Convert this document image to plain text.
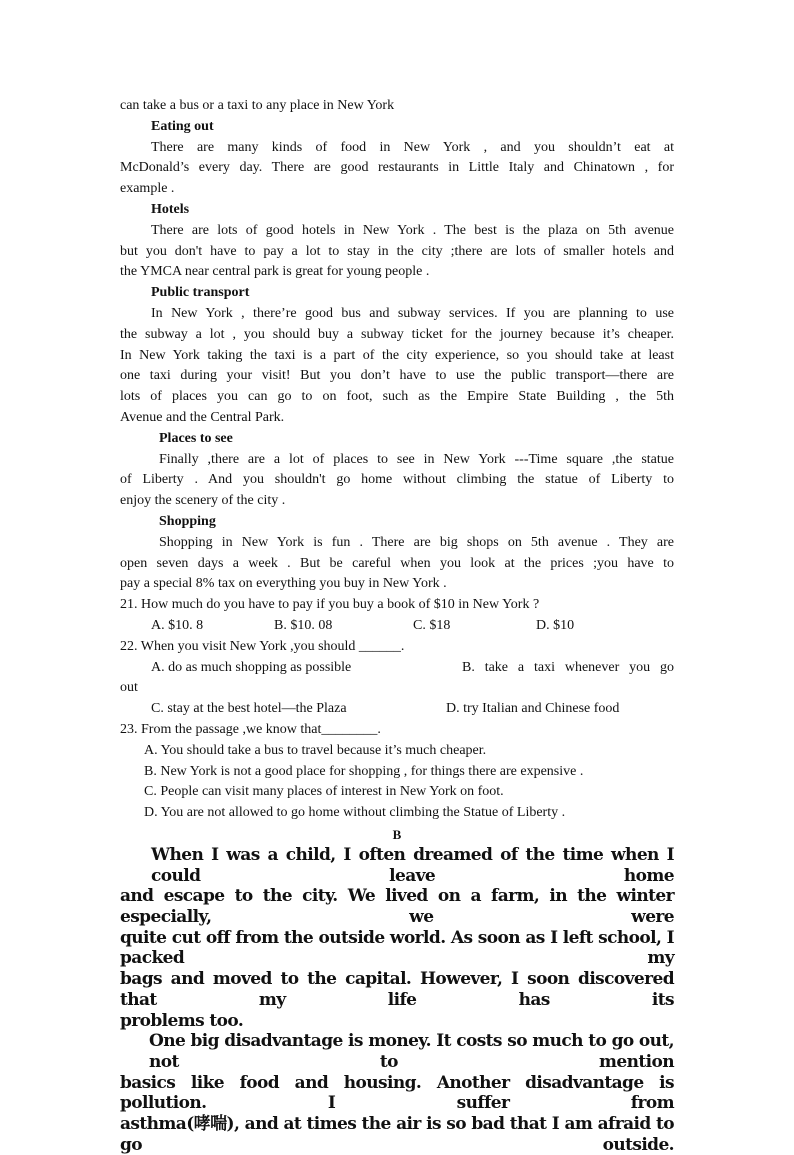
can take a bus or a taxi to any place in New York
Eating out
There are many kinds of food in New York , and you shouldn’t eat at
McDonald’s every day. There are good restaurants in Little Italy and Chinatown , for
example .
Hotels
There are lots of good hotels in New York . The best is the plaza on 5th avenue
but you don't have to pay a lot to stay in the city ;there are lots of smaller hotels and
the YMCA near central park is great for young people .
Public transport
In New York , there’re good bus and subway services. If you are planning to use
the subway a lot , you should buy a subway ticket for the journey because it’s cheaper.
In New York taking the taxi is a part of the city experience, so you should take at least
one taxi during your visit! But you don’t have to use the public transport—there are
lots of places you can go to on foot, such as the Empire State Building , the 5th
Avenue and the Central Park.
Places to see
Finally ,there are a lot of places to see in New York ---Time square ,the statue
of Liberty . And you shouldn't go home without climbing the statue of Liberty to
enjoy the scenery of the city .
Shopping
Shopping in New York is fun . There are big shops on 5th avenue . They are
open seven days a week . But be careful when you look at the prices ;you have to
pay a special 8% tax on everything you buy in New York .
21. How much do you have to pay if you buy a book of $10 in New York ?
A. $10. 8	B. $10. 08	C. $18	D. $10
22. When you visit New York ,you should ______.
A. do as much shopping as possible	B. take a taxi whenever you go
out
C. stay at the best hotel—the Plaza	D. try Italian and Chinese food
23. From the passage ,we know that________.
A. You should take a bus to travel because it’s much cheaper.
B. New York is not a good place for shopping , for things there are expensive .
C. People can visit many places of interest in New York on foot.
D. You are not allowed to go home without climbing the Statue of Liberty .
B
When I was a child, I often dreamed of the time when I could leave home
and escape to the city. We lived on a farm, in the winter especially, we were
quite cut off from the outside world. As soon as I left school, I packed my
bags and moved to the capital. However, I soon discovered that my life has its
problems too.
One big disadvantage is money. It costs so much to go out, not to mention
basics like food and housing. Another disadvantage is pollution. I suffer from
asthma(哮喘), and at times the air is so bad that I am afraid to go outside.
